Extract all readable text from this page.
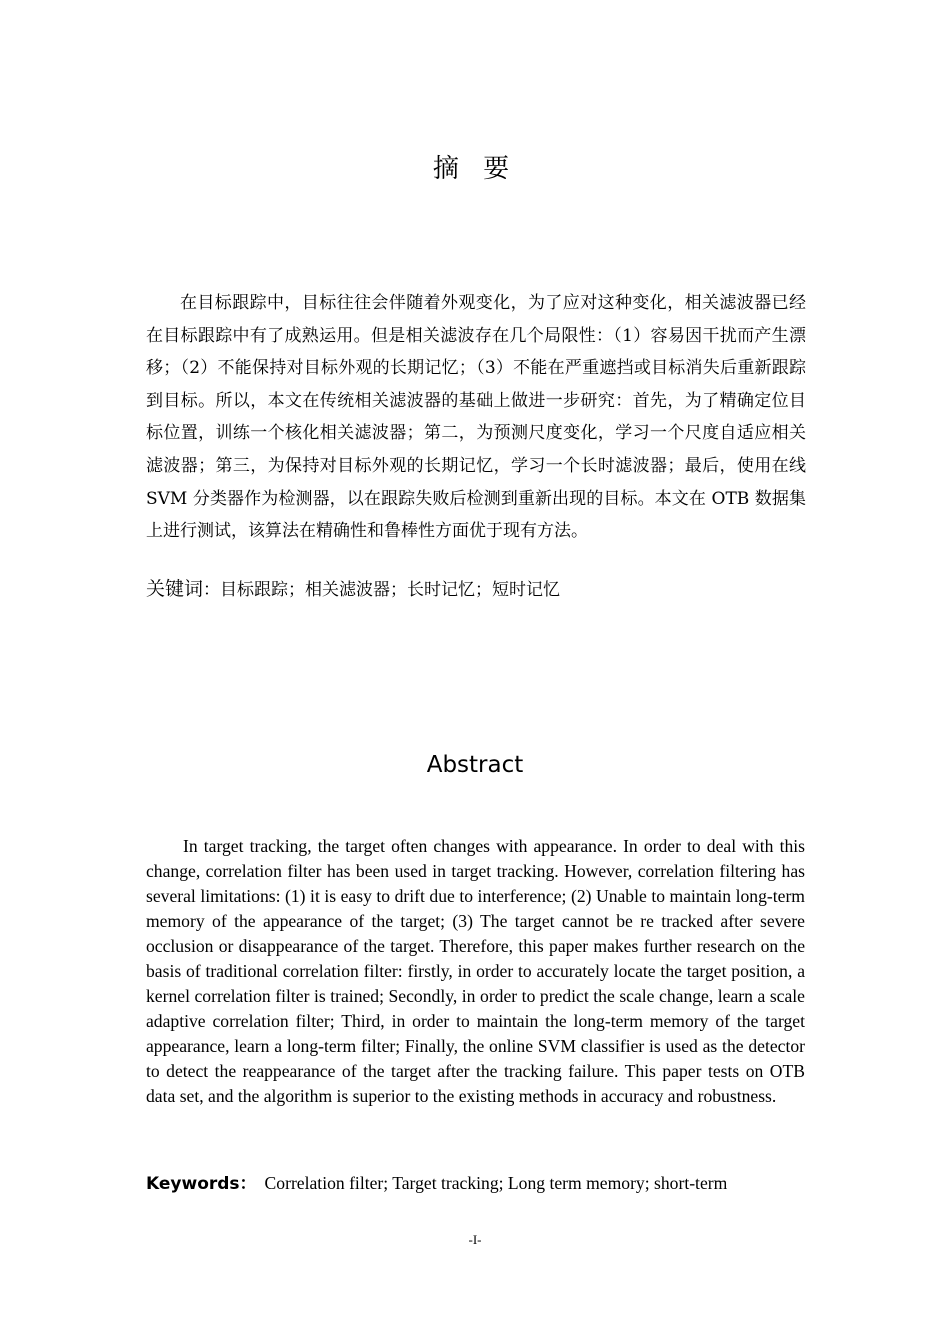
摘 要
在目标跟踪中，目标往往会伴随着外观变化，为了应对这种变化，相关滤波器已经在目标跟踪中有了成熟运用。但是相关滤波存在几个局限性：（1）容易因干扰而产生漂移；（2）不能保持对目标外观的长期记忆；（3）不能在严重遮挡或目标消失后重新跟踪到目标。所以，本文在传统相关滤波器的基础上做进一步研究：首先，为了精确定位目标位置，训练一个核化相关滤波器；第二，为预测尺度变化，学习一个尺度自适应相关滤波器；第三，为保持对目标外观的长期记忆，学习一个长时滤波器；最后，使用在线 SVM 分类器作为检测器，以在跟踪失败后检测到重新出现的目标。本文在 OTB 数据集上进行测试，该算法在精确性和鲁棒性方面优于现有方法。
关键词：目标跟踪；相关滤波器；长时记忆；短时记忆
Abstract
In target tracking, the target often changes with appearance. In order to deal with this change, correlation filter has been used in target tracking. However, correlation filtering has several limitations: (1) it is easy to drift due to interference; (2) Unable to maintain long-term memory of the appearance of the target; (3) The target cannot be re tracked after severe occlusion or disappearance of the target. Therefore, this paper makes further research on the basis of traditional correlation filter: firstly, in order to accurately locate the target position, a kernel correlation filter is trained; Secondly, in order to predict the scale change, learn a scale adaptive correlation filter; Third, in order to maintain the long-term memory of the target appearance, learn a long-term filter; Finally, the online SVM classifier is used as the detector to detect the reappearance of the target after the tracking failure. This paper tests on OTB data set, and the algorithm is superior to the existing methods in accuracy and robustness.
Keywords： Correlation filter; Target tracking; Long term memory; short-term
-I-
